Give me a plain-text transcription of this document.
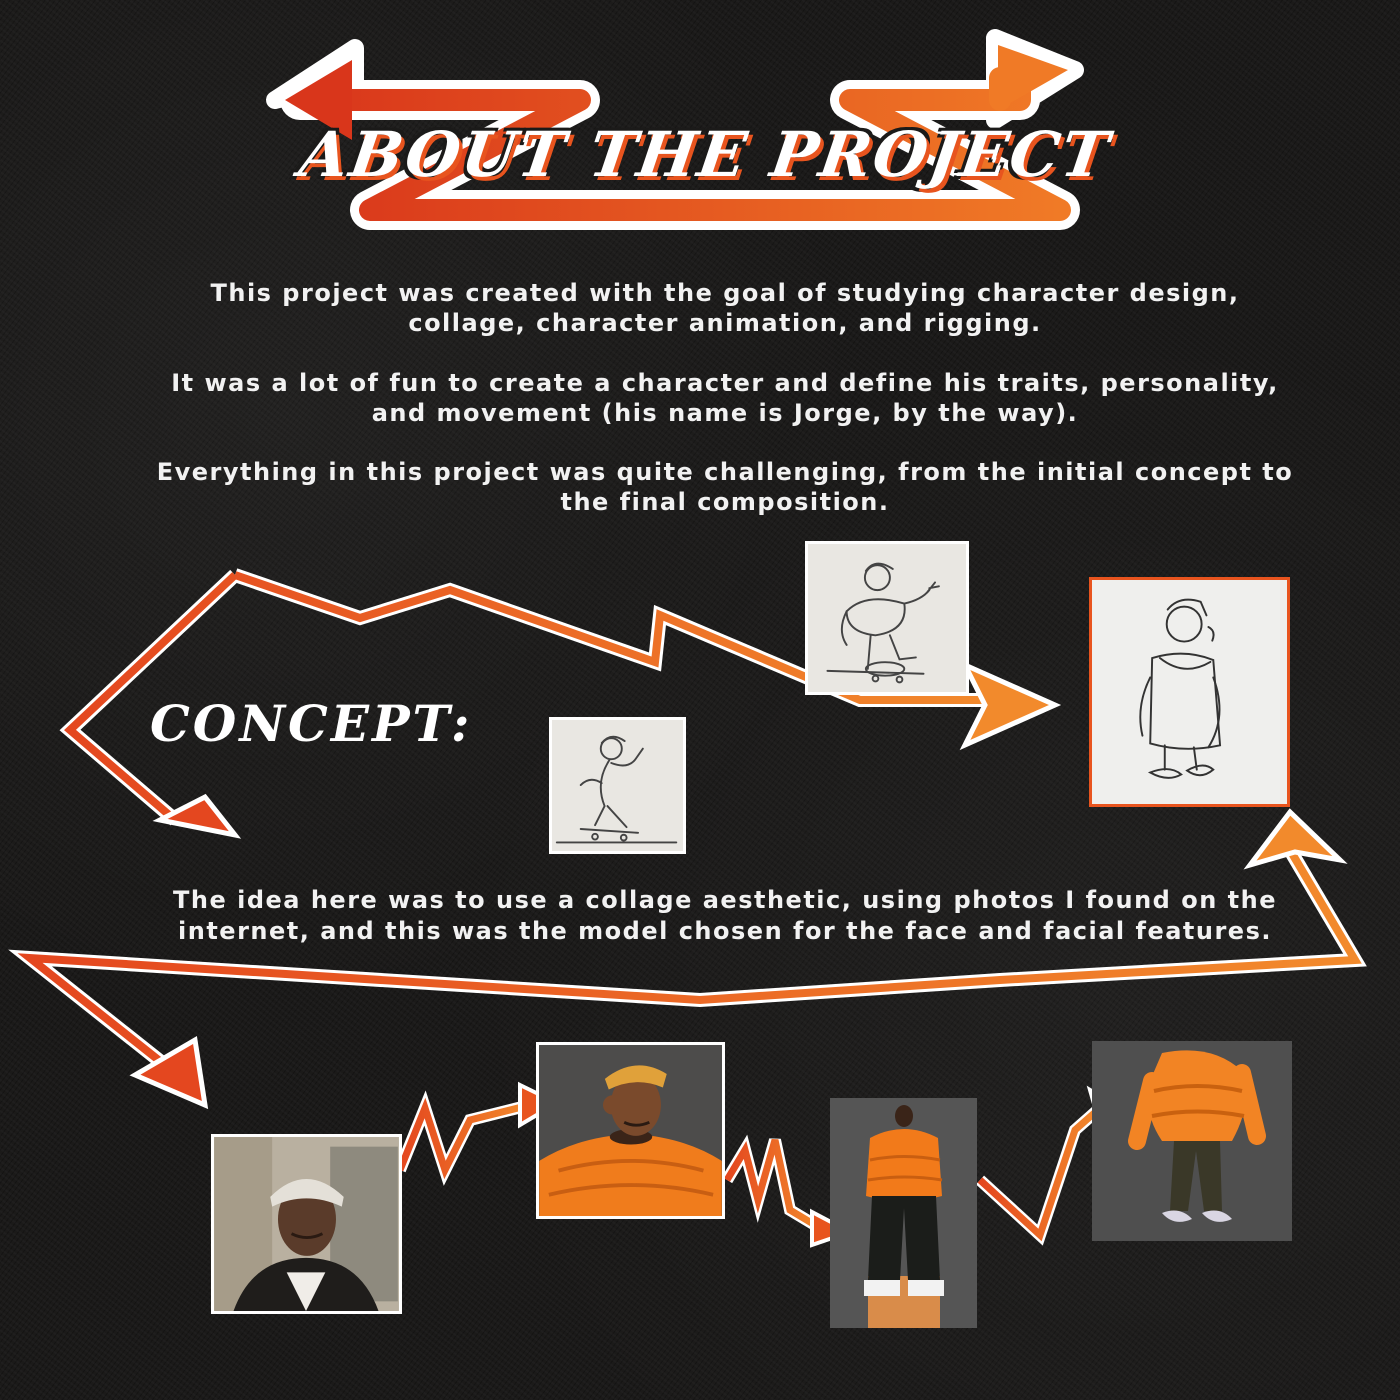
ABOUT THE PROJECT

This project was created with the goal of studying character design, collage, character animation, and rigging.

It was a lot of fun to create a character and define his traits, personality, and movement (his name is Jorge, by the way).

Everything in this project was quite challenging, from the initial concept to the final composition.

CONCEPT:

The idea here was to use a collage aesthetic, using photos I found on the internet, and this was the model chosen for the face and facial features.
